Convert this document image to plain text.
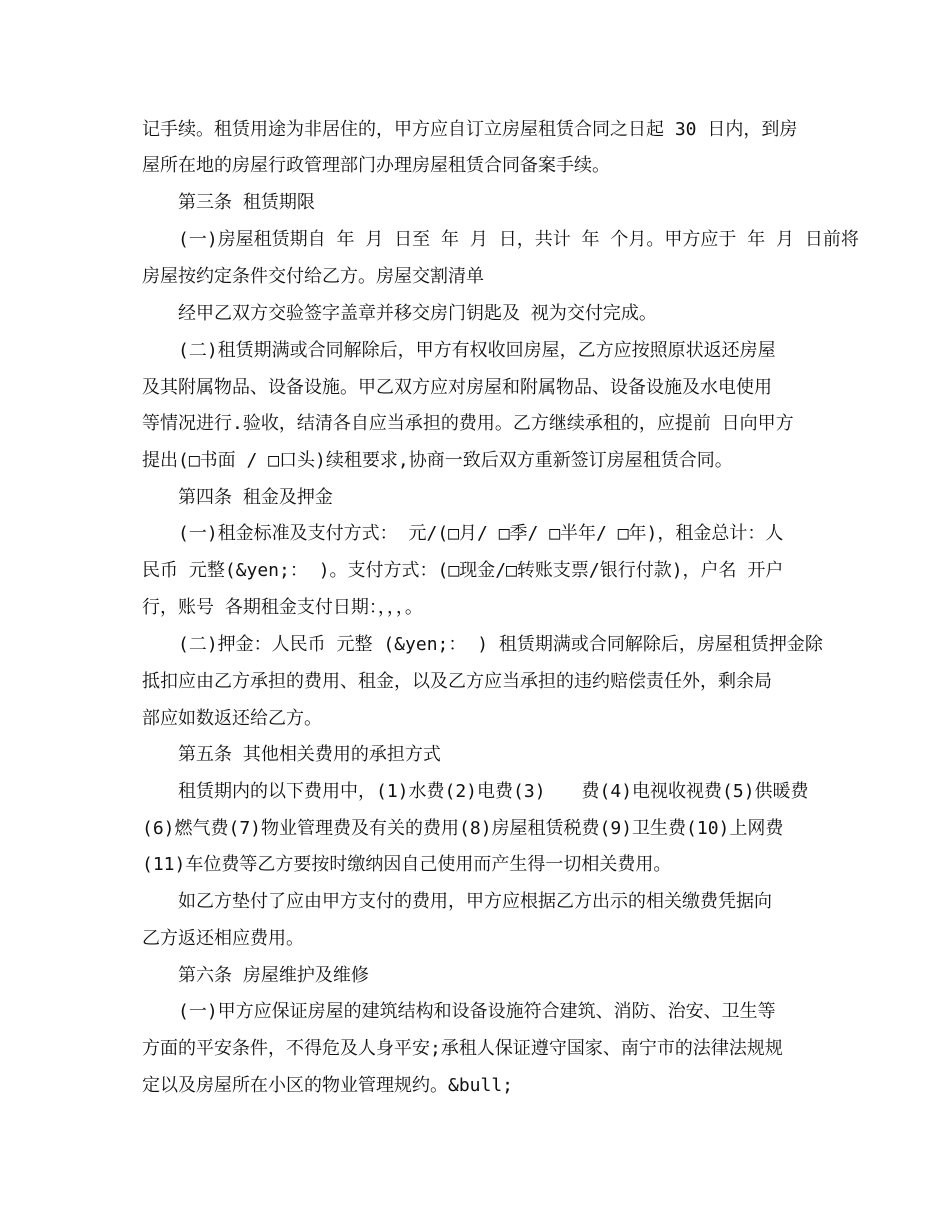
记手续。租赁用途为非居住的，甲方应自订立房屋租赁合同之日起 30 日内，到房
屋所在地的房屋行政管理部门办理房屋租赁合同备案手续。
第三条 租赁期限
(一)房屋租赁期自 年 月 日至 年 月 日，共计 年 个月。甲方应于 年 月 日前将
房屋按约定条件交付给乙方。房屋交割清单
经甲乙双方交验签字盖章并移交房门钥匙及 视为交付完成。
(二)租赁期满或合同解除后，甲方有权收回房屋，乙方应按照原状返还房屋
及其附属物品、设备设施。甲乙双方应对房屋和附属物品、设备设施及水电使用
等情况进行.验收，结清各自应当承担的费用。乙方继续承租的，应提前 日向甲方
提出(□书面 / □口头)续租要求,协商一致后双方重新签订房屋租赁合同。
第四条 租金及押金
(一)租金标准及支付方式： 元/(□月/ □季/ □半年/ □年)，租金总计：人
民币 元整(&yen;： )。支付方式：(□现金/□转账支票/银行付款)，户名 开户
行，账号 各期租金支付日期：，，，。
(二)押金：人民币 元整 (&yen;： ) 租赁期满或合同解除后，房屋租赁押金除
抵扣应由乙方承担的费用、租金，以及乙方应当承担的违约赔偿责任外，剩余局
部应如数返还给乙方。
第五条 其他相关费用的承担方式
租赁期内的以下费用中，(1)水费(2)电费(3)　　费(4)电视收视费(5)供暖费
(6)燃气费(7)物业管理费及有关的费用(8)房屋租赁税费(9)卫生费(10)上网费
(11)车位费等乙方要按时缴纳因自己使用而产生得一切相关费用。
如乙方垫付了应由甲方支付的费用，甲方应根据乙方出示的相关缴费凭据向
乙方返还相应费用。
第六条 房屋维护及维修
(一)甲方应保证房屋的建筑结构和设备设施符合建筑、消防、治安、卫生等
方面的平安条件，不得危及人身平安;承租人保证遵守国家、南宁市的法律法规规
定以及房屋所在小区的物业管理规约。&bull;
